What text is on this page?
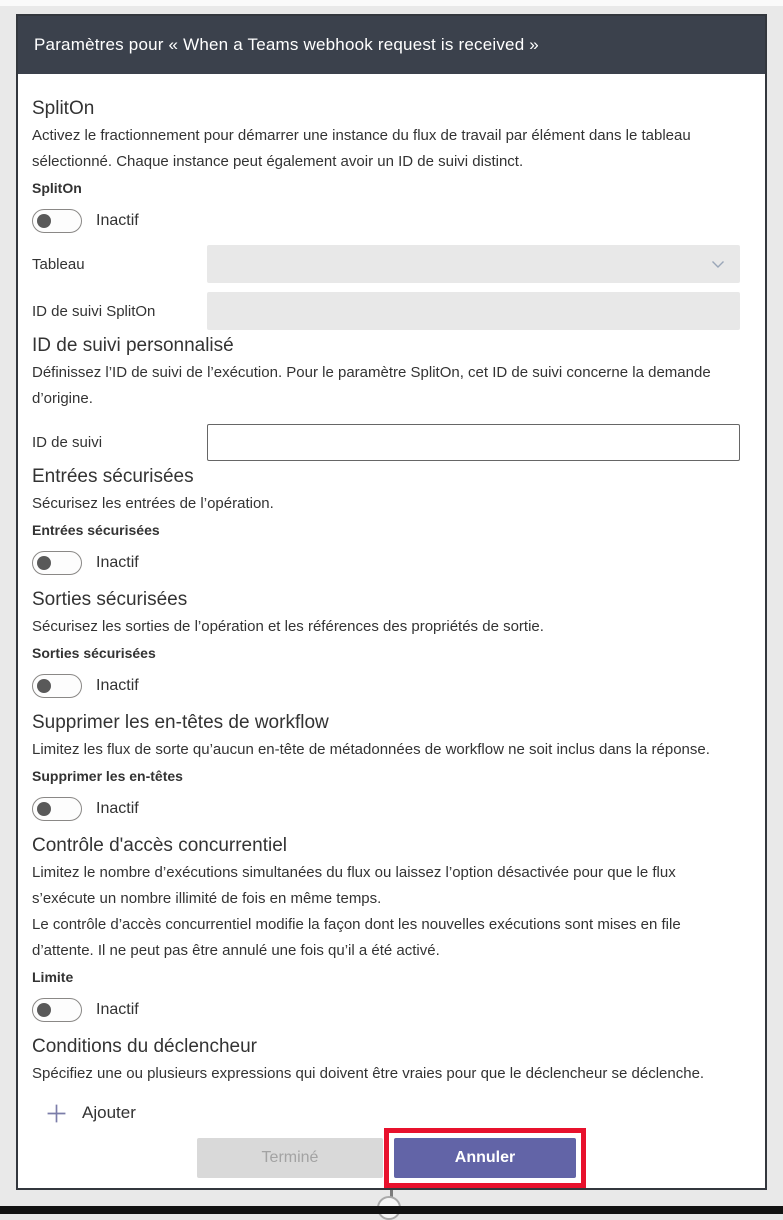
Paramètres pour « When a Teams webhook request is received »
SplitOn

Activez le fractionnement pour démarrer une instance du flux de travail par élément dans le tableau sélectionné. Chaque instance peut également avoir un ID de suivi distinct.

SplitOn
Inactif
Tableau
ID de suivi SplitOn
ID de suivi personnalisé

Définissez l’ID de suivi de l’exécution. Pour le paramètre SplitOn, cet ID de suivi concerne la demande d’origine.

ID de suivi
Entrées sécurisées

Sécurisez les entrées de l’opération.

Entrées sécurisées
Inactif
Sorties sécurisées

Sécurisez les sorties de l’opération et les références des propriétés de sortie.

Sorties sécurisées
Inactif
Supprimer les en-têtes de workflow

Limitez les flux de sorte qu’aucun en-tête de métadonnées de workflow ne soit inclus dans la réponse.

Supprimer les en-têtes
Inactif
Contrôle d'accès concurrentiel

Limitez le nombre d’exécutions simultanées du flux ou laissez l’option désactivée pour que le flux s’exécute un nombre illimité de fois en même temps.

Le contrôle d’accès concurrentiel modifie la façon dont les nouvelles exécutions sont mises en file d’attente. Il ne peut pas être annulé une fois qu’il a été activé.

Limite
Inactif
Conditions du déclencheur

Spécifiez une ou plusieurs expressions qui doivent être vraies pour que le déclencheur se déclenche.

Ajouter
Terminé	Annuler
